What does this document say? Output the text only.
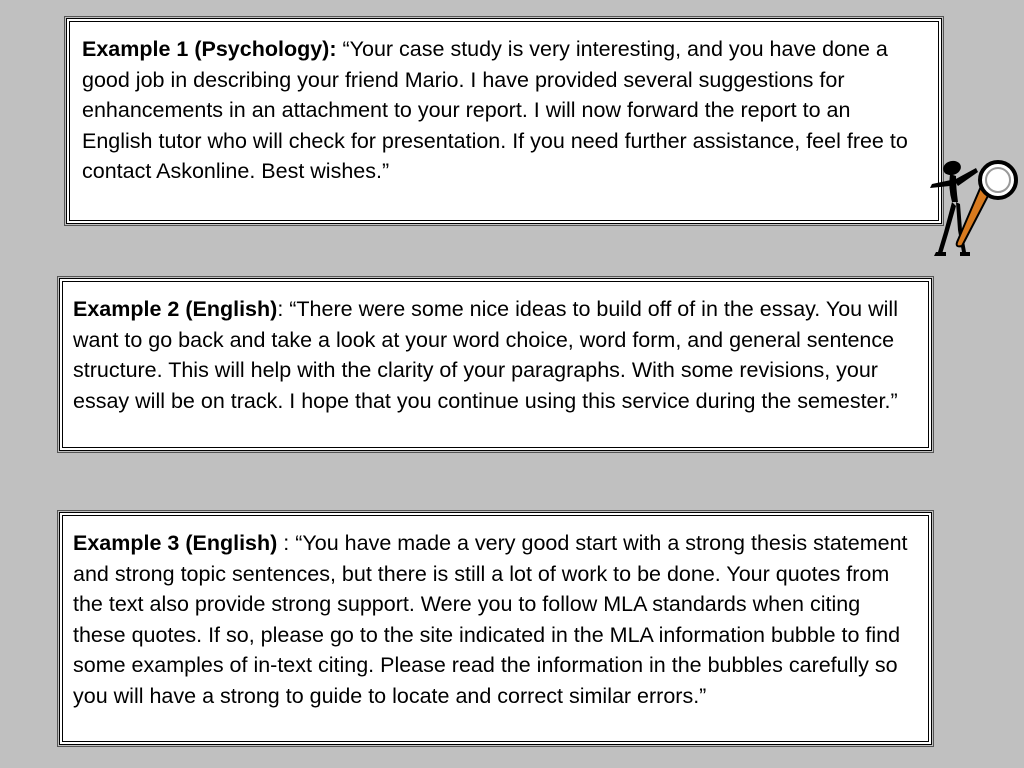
Example 1 (Psychology): “Your case study is very interesting, and you have done a good job in describing your friend Mario. I have provided several suggestions for enhancements in an attachment to your report. I will now forward the report to an English tutor who will check for presentation. If you need further assistance, feel free to contact Askonline. Best wishes.”
Example 2 (English): “There were some nice ideas to build off of in the essay. You will want to go back and take a look at your word choice, word form, and general sentence structure. This will help with the clarity of your paragraphs. With some revisions, your essay will be on track. I hope that you continue using this service during the semester.”
Example 3 (English) : “You have made a very good start with a strong thesis statement and strong topic sentences, but there is still a lot of work to be done. Your quotes from the text also provide strong support. Were you to follow MLA standards when citing these quotes. If so, please go to the site indicated in the MLA information bubble to find some examples of in-text citing. Please read the information in the bubbles carefully so you will have a strong to guide to locate and correct similar errors.”
